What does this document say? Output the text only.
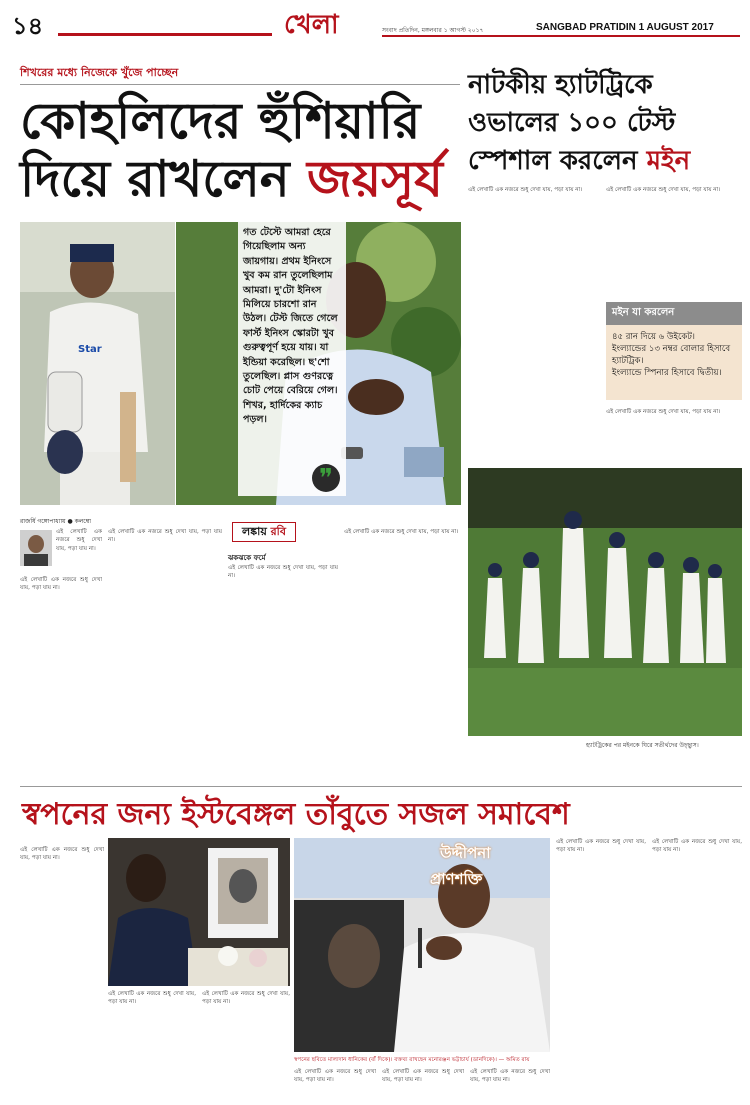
১৪	খেলা	সংবাদ প্রতিদিন, মঙ্গলবার ১ আগস্ট ২০১৭	SANGBAD PRATIDIN 1 AUGUST 2017
শিখরের মধ্যে নিজেকে খুঁজে পাচ্ছেন
কোহলিদের হুঁশিয়ারি
দিয়ে রাখলেন জয়সূর্য
Star
গত টেস্টে আমরা হেরে গিয়েছিলাম অন্য জায়গায়। প্রথম ইনিংসে খুব কম রান তুলেছিলাম আমরা। দু'টো ইনিংস মিলিয়ে চারশো রান উঠল। টেস্ট জিতে গেলে ফার্স্ট ইনিংস স্কোরটা খুব গুরুত্বপূর্ণ হয়ে যায়। যা ইন্ডিয়া করেছিল। ছ'শো তুলেছিল। প্লাস গুণরত্নে চোট পেয়ে বেরিয়ে গেল। শিখর, হার্দিকের ক্যাচ পড়ল।
❞
রাজর্ষি গঙ্গোপাধ্যায় ● কলম্বো
লঙ্কায় রবি
এই লেখাটি এক নজরে শুধু দেখা যায়, পড়া যায় না।
এই লেখাটি এক নজরে শুধু দেখা যায়, পড়া যায় না।
এই লেখাটি এক নজরে শুধু দেখা যায়, পড়া যায় না।
ঝকঝকে ফর্মে
এই লেখাটি এক নজরে শুধু দেখা যায়, পড়া যায় না।
এই লেখাটি এক নজরে শুধু দেখা যায়, পড়া যায় না।
নাটকীয় হ্যাটট্রিকে
ওভালের ১০০ টেস্ট
স্পেশাল করলেন মইন
এই লেখাটি এক নজরে শুধু দেখা যায়, পড়া যায় না।	এই লেখাটি এক নজরে শুধু দেখা যায়, পড়া যায় না।
মইন যা করলেন
৪৫ রান দিয়ে ৬ উইকেট।
ইংল্যান্ডের ১৩ নম্বর বোলার হিসাবে হ্যাটট্রিক।
ইংল্যান্ডে স্পিনার হিসাবে দ্বিতীয়।
এই লেখাটি এক নজরে শুধু দেখা যায়, পড়া যায় না।
হ্যাটট্রিকের পর মইনকে ঘিরে সতীর্থদের উচ্ছ্বাস।
স্বপনের জন্য ইস্টবেঙ্গল তাঁবুতে সজল সমাবেশ
এই লেখাটি এক নজরে শুধু দেখা যায়, পড়া যায় না।
এই লেখাটি এক নজরে শুধু দেখা যায়, পড়া যায় না।
এই লেখাটি এক নজরে শুধু দেখা যায়, পড়া যায় না।
উদ্দীপনা
প্রাণশক্তি
স্বপনের ছবিতে মাল্যদান ধানিকের (বাঁ দিকে)। বক্তব্য রাখছেন মনোরঞ্জন ভট্টাচার্য (ডানদিকে)। — অমিত রায়
এই লেখাটি এক নজরে শুধু দেখা যায়, পড়া যায় না।
এই লেখাটি এক নজরে শুধু দেখা যায়, পড়া যায় না।
এই লেখাটি এক নজরে শুধু দেখা যায়, পড়া যায় না।
এই লেখাটি এক নজরে শুধু দেখা যায়, পড়া যায় না।
এই লেখাটি এক নজরে শুধু দেখা যায়, পড়া যায় না।
